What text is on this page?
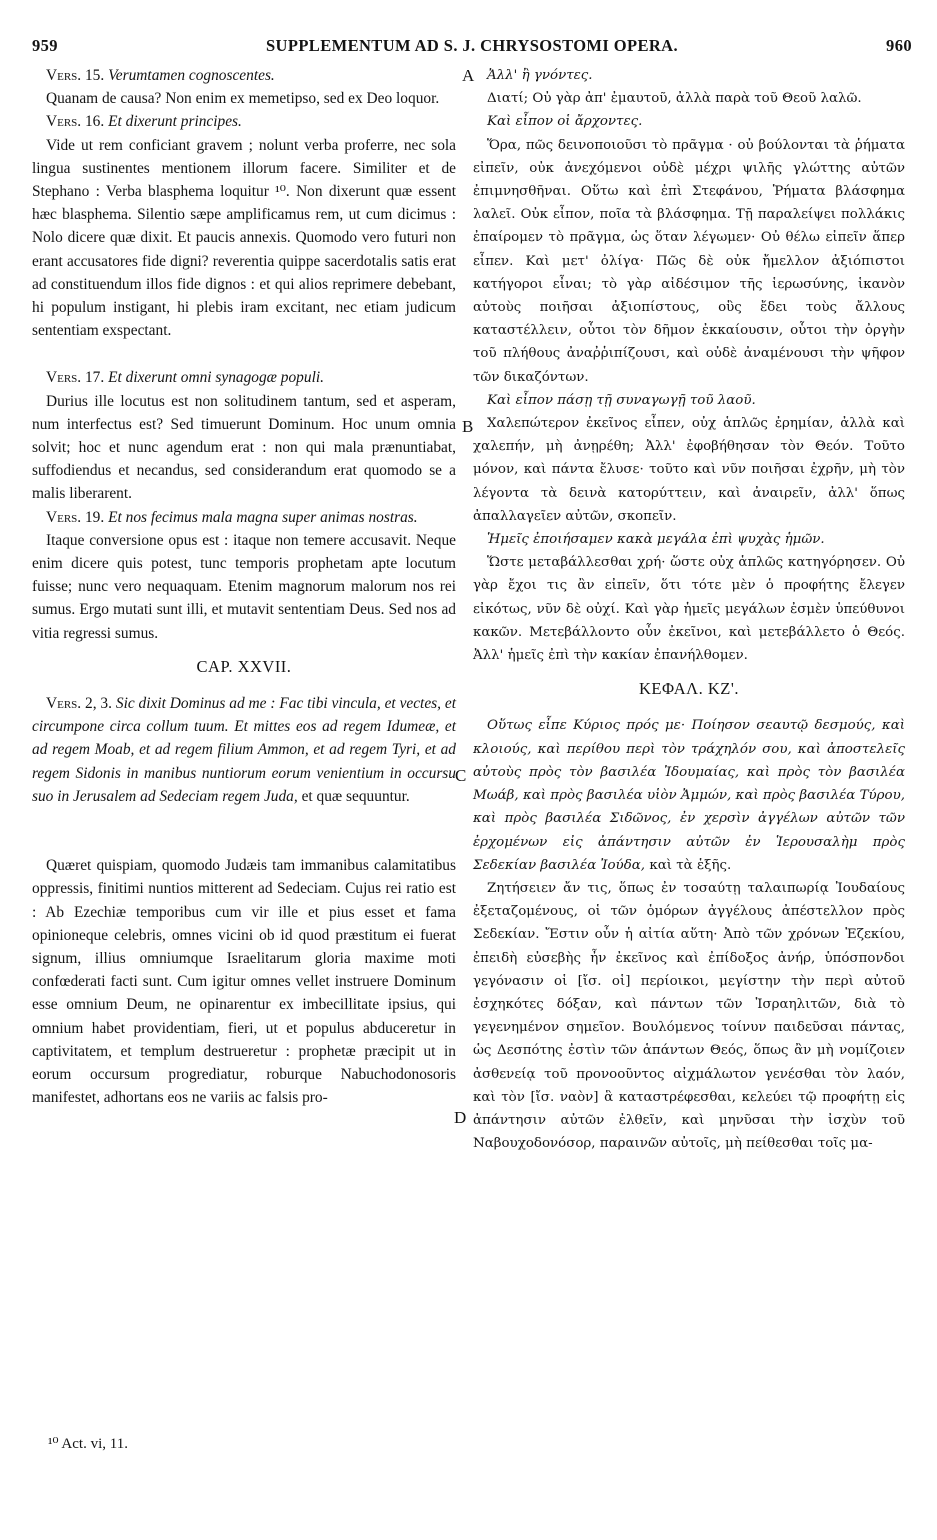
959	SUPPLEMENTUM AD S. J. CHRYSOSTOMI OPERA.	960
A
B
C
D

Vers. 15. Verumtamen cognoscentes.

Quanam de causa? Non enim ex memetipso, sed ex Deo loquor.

Vers. 16. Et dixerunt principes.

Vide ut rem conficiant gravem ; nolunt verba proferre, nec sola lingua sustinentes mentionem illorum facere. Similiter et de Stephano : Verba blasphema loquitur ¹⁰. Non dixerunt quæ essent hæc blasphema. Silentio sæpe amplificamus rem, ut cum dicimus : Nolo dicere quæ dixit. Et paucis annexis. Quomodo vero futuri non erant accusatores fide digni? reverentia quippe sacerdotalis satis erat ad constituendum illos fide dignos : et qui alios reprimere debebant, hi populum instigant, hi plebis iram excitant, nec etiam judicum sententiam exspectant.

Vers. 17. Et dixerunt omni synagogæ populi.

Durius ille locutus est non solitudinem tantum, sed et asperam, num interfectus est? Sed timuerunt Dominum. Hoc unum omnia solvit; hoc et nunc agendum erat : non qui mala prænuntiabat, suffodiendus et necandus, sed considerandum erat quomodo se a malis liberarent.

Vers. 19. Et nos fecimus mala magna super animas nostras.

Itaque conversione opus est : itaque non temere accusavit. Neque enim dicere quis potest, tunc temporis prophetam apte locutum fuisse; nunc vero nequaquam. Etenim magnorum malorum nos rei sumus. Ergo mutati sunt illi, et mutavit sententiam Deus. Sed nos ad vitia regressi sumus.

CAP. XXVII.

Vers. 2, 3. Sic dixit Dominus ad me : Fac tibi vincula, et vectes, et circumpone circa collum tuum. Et mittes eos ad regem Idumeæ, et ad regem Moab, et ad regem filium Ammon, et ad regem Tyri, et ad regem Sidonis in manibus nuntiorum eorum venientium in occursu suo in Jerusalem ad Sedeciam regem Juda, et quæ sequuntur.

Quæret quispiam, quomodo Judæis tam immanibus calamitatibus oppressis, finitimi nuntios mitterent ad Sedeciam. Cujus rei ratio est : Ab Ezechiæ temporibus cum vir ille et pius esset et fama opinioneque celebris, omnes vicini ob id quod præstitum ei fuerat signum, illius omniumque Israelitarum gloria maxime moti confœderati facti sunt. Cum igitur omnes vellet instruere Dominum esse omnium Deum, ne opinarentur ex imbecillitate ipsius, qui omnium habet providentiam, fieri, ut et populus abduceretur in captivitatem, et templum destrueretur : prophetæ præcipit ut in eorum occursum progrediatur, roburque Nabuchodonosoris manifestet, adhortans eos ne variis ac falsis pro-

Ἀλλ' ἢ γνόντες.

Διατί; Οὐ γὰρ ἀπ' ἐμαυτοῦ, ἀλλὰ παρὰ τοῦ Θεοῦ λαλῶ.

Καὶ εἶπον οἱ ἄρχοντες.

Ὅρα, πῶς δεινοποιοῦσι τὸ πρᾶγμα · οὐ βούλονται τὰ ῥήματα εἰπεῖν, οὐκ ἀνεχόμενοι οὐδὲ μέχρι ψιλῆς γλώττης αὐτῶν ἐπιμνησθῆναι. Οὕτω καὶ ἐπὶ Στεφάνου, Ῥήματα βλάσφημα λαλεῖ. Οὐκ εἶπον, ποῖα τὰ βλάσφημα. Τῇ παραλείψει πολλάκις ἐπαίρομεν τὸ πρᾶγμα, ὡς ὅταν λέγωμεν· Οὐ θέλω εἰπεῖν ἅπερ εἶπεν. Καὶ μετ' ὀλίγα· Πῶς δὲ οὐκ ἤμελλον ἀξιόπιστοι κατήγοροι εἶναι; τὸ γὰρ αἰδέσιμον τῆς ἱερωσύνης, ἱκανὸν αὐτοὺς ποιῆσαι ἀξιοπίστους, οὓς ἔδει τοὺς ἄλλους καταστέλλειν, οὗτοι τὸν δῆμον ἐκκαίουσιν, οὗτοι τὴν ὀργὴν τοῦ πλήθους ἀναῤῥιπίζουσι, καὶ οὐδὲ ἀναμένουσι τὴν ψῆφον τῶν δικαζόντων.

Καὶ εἶπον πάσῃ τῇ συναγωγῇ τοῦ λαοῦ.

Χαλεπώτερον ἐκεῖνος εἶπεν, οὐχ ἁπλῶς ἐρημίαν, ἀλλὰ καὶ χαλεπήν, μὴ ἀνῃρέθη; Ἀλλ' ἐφοβήθησαν τὸν Θεόν. Τοῦτο μόνον, καὶ πάντα ἔλυσε· τοῦτο καὶ νῦν ποιῆσαι ἐχρῆν, μὴ τὸν λέγοντα τὰ δεινὰ κατορύττειν, καὶ ἀναιρεῖν, ἀλλ' ὅπως ἀπαλλαγεῖεν αὐτῶν, σκοπεῖν.

Ἡμεῖς ἐποιήσαμεν κακὰ μεγάλα ἐπὶ ψυχὰς ἡμῶν.

Ὥστε μεταβάλλεσθαι χρή· ὥστε οὐχ ἁπλῶς κατηγόρησεν. Οὐ γὰρ ἔχοι τις ἂν εἰπεῖν, ὅτι τότε μὲν ὁ προφήτης ἔλεγεν εἰκότως, νῦν δὲ οὐχί. Καὶ γὰρ ἡμεῖς μεγάλων ἐσμὲν ὑπεύθυνοι κακῶν. Μετεβάλλοντο οὖν ἐκεῖνοι, καὶ μετεβάλλετο ὁ Θεός. Ἀλλ' ἡμεῖς ἐπὶ τὴν κακίαν ἐπανήλθομεν.

ΚΕΦΑΛ. ΚΖ'.

Οὕτως εἶπε Κύριος πρός με· Ποίησον σεαυτῷ δεσμούς, καὶ κλοιούς, καὶ περίθου περὶ τὸν τράχηλόν σου, καὶ ἀποστελεῖς αὐτοὺς πρὸς τὸν βασιλέα Ἰδουμαίας, καὶ πρὸς τὸν βασιλέα Μωάβ, καὶ πρὸς βασιλέα υἱὸν Ἀμμών, καὶ πρὸς βασιλέα Τύρου, καὶ πρὸς βασιλέα Σιδῶνος, ἐν χερσὶν ἀγγέλων αὐτῶν τῶν ἐρχομένων εἰς ἀπάντησιν αὐτῶν ἐν Ἱερουσαλὴμ πρὸς Σεδεκίαν βασιλέα Ἰούδα, καὶ τὰ ἑξῆς.

Ζητήσειεν ἄν τις, ὅπως ἐν τοσαύτῃ ταλαιπωρίᾳ Ἰουδαίους ἐξεταζομένους, οἱ τῶν ὁμόρων ἀγγέλους ἀπέστελλον πρὸς Σεδεκίαν. Ἔστιν οὖν ἡ αἰτία αὕτη· Ἀπὸ τῶν χρόνων Ἐζεκίου, ἐπειδὴ εὐσεβὴς ἦν ἐκεῖνος καὶ ἐπίδοξος ἀνήρ, ὑπόσπονδοι γεγόνασιν οἱ [ἴσ. οἱ] περίοικοι, μεγίστην τὴν περὶ αὐτοῦ ἐσχηκότες δόξαν, καὶ πάντων τῶν Ἰσραηλιτῶν, διὰ τὸ γεγενημένον σημεῖον. Βουλόμενος τοίνυν παιδεῦσαι πάντας, ὡς Δεσπότης ἐστὶν τῶν ἁπάντων Θεός, ὅπως ἂν μὴ νομίζοιεν ἀσθενείᾳ τοῦ προνοοῦντος αἰχμάλωτον γενέσθαι τὸν λαόν, καὶ τὸν [ἴσ. ναὸν] ἃ καταστρέφεσθαι, κελεύει τῷ προφήτῃ εἰς ἀπάντησιν αὐτῶν ἐλθεῖν, καὶ μηνῦσαι τὴν ἰσχὺν τοῦ Ναβουχοδονόσορ, παραινῶν αὐτοῖς, μὴ πείθεσθαι τοῖς μα-

¹⁰ Act. vi, 11.
